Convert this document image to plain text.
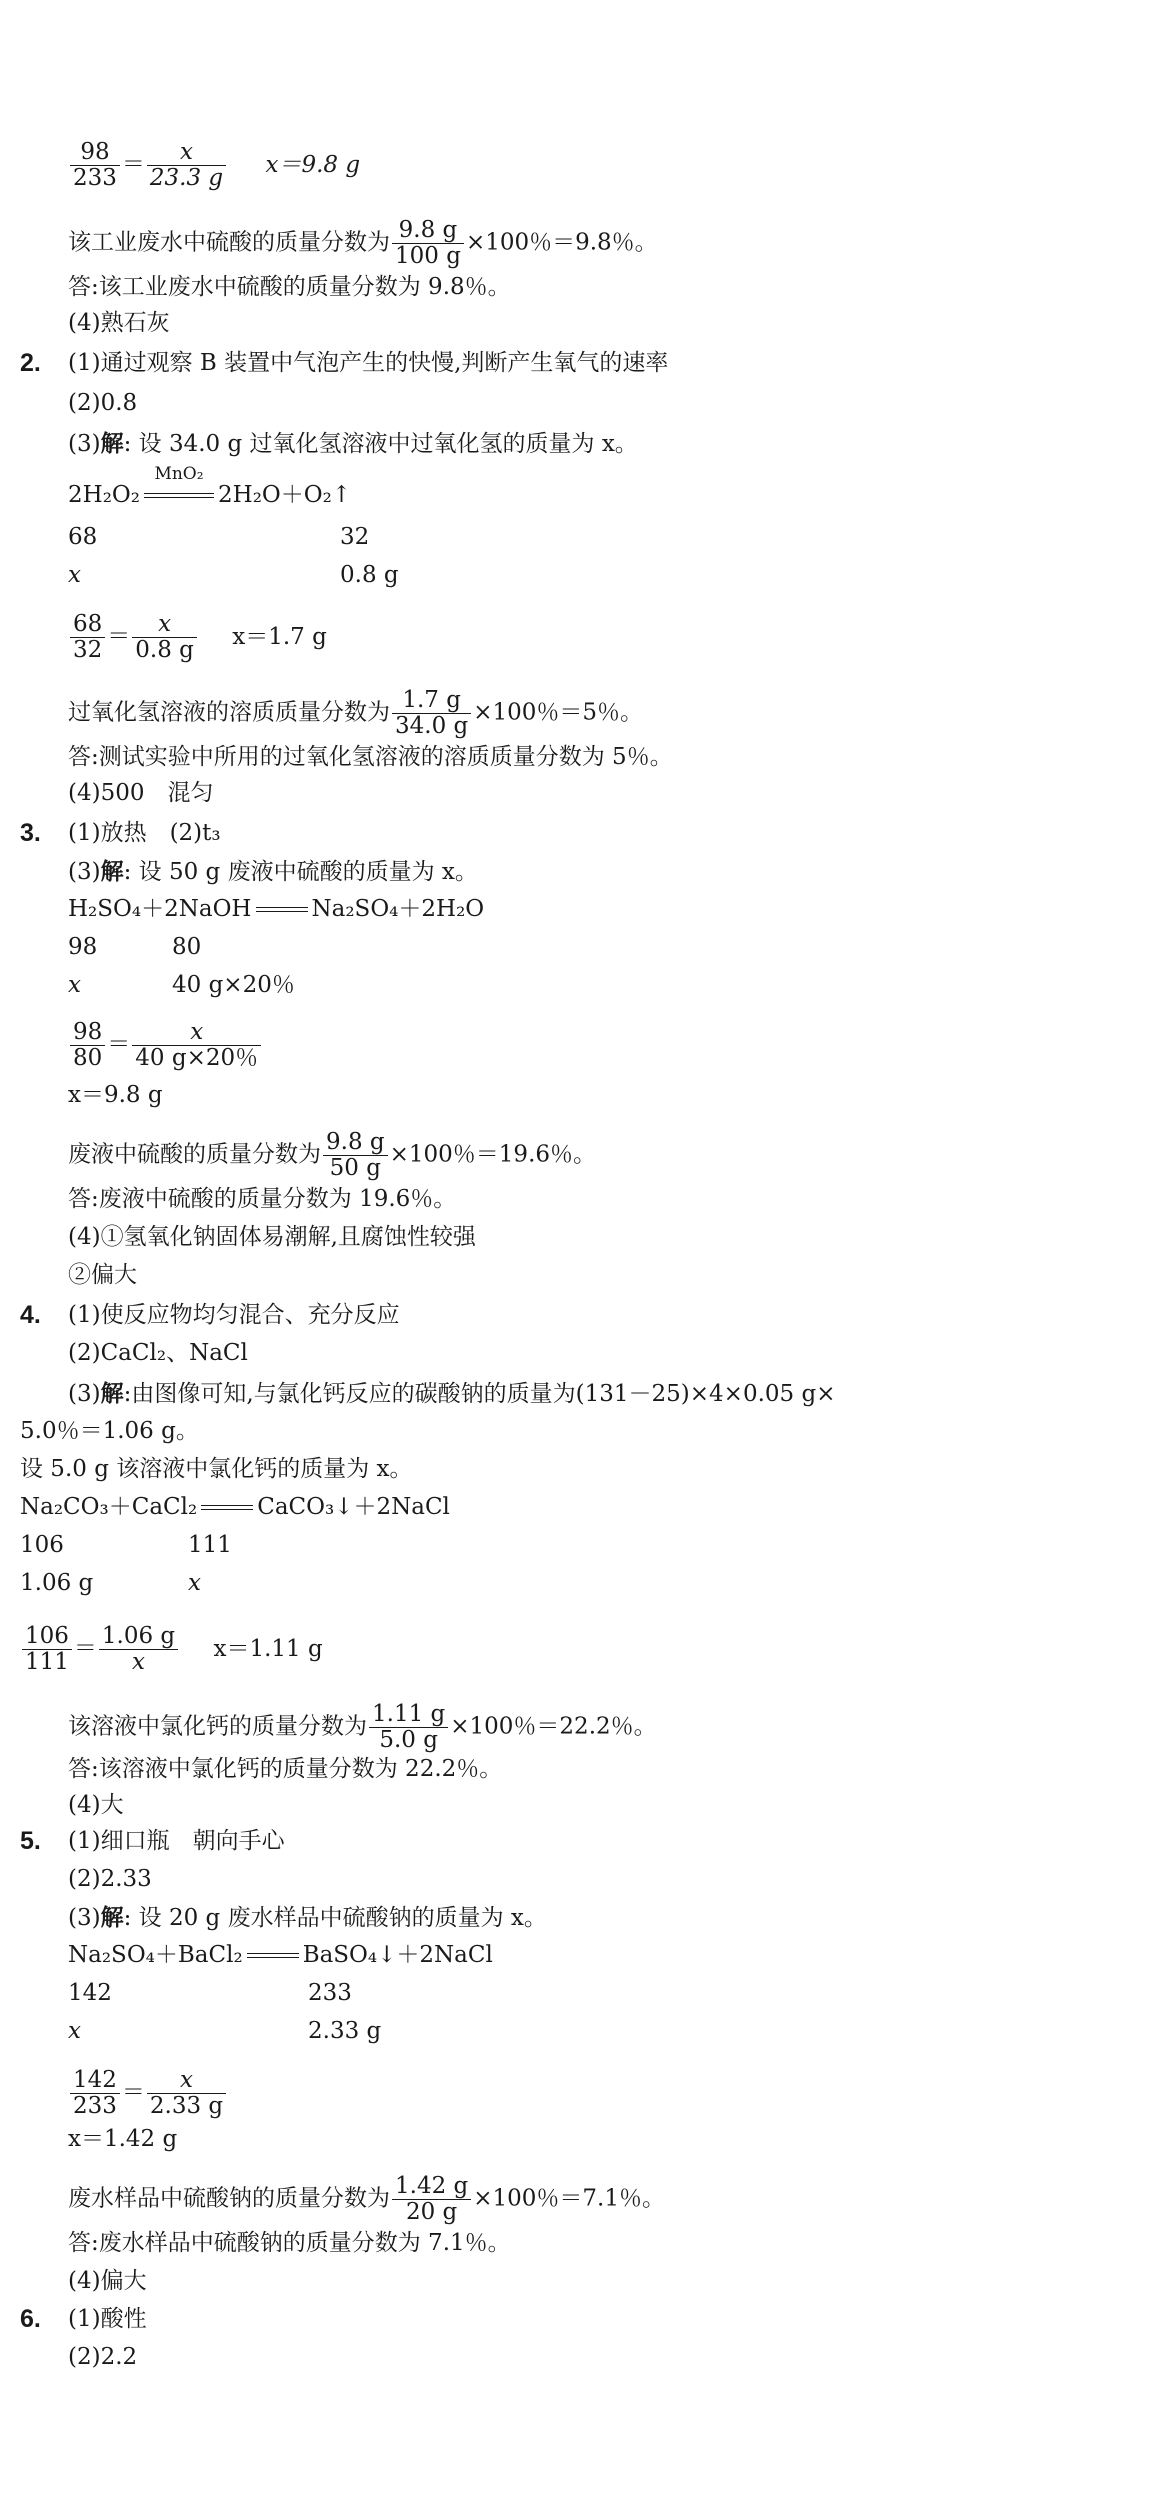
$\frac{98}{233} = \frac{x}{23.3 g} x=9.8$ g
该工业废水中硫酸的质量分数为 $\frac{9.8 g}{100 g} \times 100$％＝9.8％。
答:该工业废水中硫酸的质量分数为 9.8％。
(4)熟石灰
2. (1)通过观察 B 装置中气泡产生的快慢,判断产生氧气的速率
(2)0.8
(3)解: 设 34.0 g 过氧化氢溶液中过氧化氢的质量为 x。
2H₂O₂
MnO₂
2H₂O＋O₂↑
68	32
x	0.8 g
$\frac{68}{32} = \frac{x}{0.8 g} x=1.7$ g
过氧化氢溶液的溶质质量分数为 $\frac{1.7 g}{34.0 g} \times 100$％＝5％。
答:测试实验中所用的过氧化氢溶液的溶质质量分数为 5％。
(4)500　混匀
3. (1)放热　(2)t₃
(3)解: 设 50 g 废液中硫酸的质量为 x。
H₂SO₄＋2NaOH	Na₂SO₄＋2H₂O
98	80
x	40 g×20％
$\frac{98}{80} = \frac{x}{40 g\times 20\%}$
x＝9.8 g
废液中硫酸的质量分数为 $\frac{9.8 g}{50 g} \times 100$％＝19.6％。
答:废液中硫酸的质量分数为 19.6％。
(4)①氢氧化钠固体易潮解,且腐蚀性较强
②偏大
4. (1)使反应物均匀混合、充分反应
(2)CaCl₂、NaCl
(3)解:由图像可知,与氯化钙反应的碳酸钠的质量为(131－25)×4×0.05 g×
5.0％＝1.06 g。
设 5.0 g 该溶液中氯化钙的质量为 x。
Na₂CO₃＋CaCl₂	CaCO₃↓＋2NaCl
106	111
1.06 g	x
$\frac{106}{111} = \frac{1.06 g}{x} x=1.11$ g
该溶液中氯化钙的质量分数为 $\frac{1.11 g}{5.0 g} \times 100$％＝22.2％。
答:该溶液中氯化钙的质量分数为 22.2％。
(4)大
5. (1)细口瓶　朝向手心
(2)2.33
(3)解: 设 20 g 废水样品中硫酸钠的质量为 x。
Na₂SO₄＋BaCl₂	BaSO₄↓＋2NaCl
142	233
x	2.33 g
$\frac{142}{233} = \frac{x}{2.33 g}$
x＝1.42 g
废水样品中硫酸钠的质量分数为 $\frac{1.42 g}{20 g} \times 100$％＝7.1％。
答:废水样品中硫酸钠的质量分数为 7.1％。
(4)偏大
6. (1)酸性
(2)2.2
